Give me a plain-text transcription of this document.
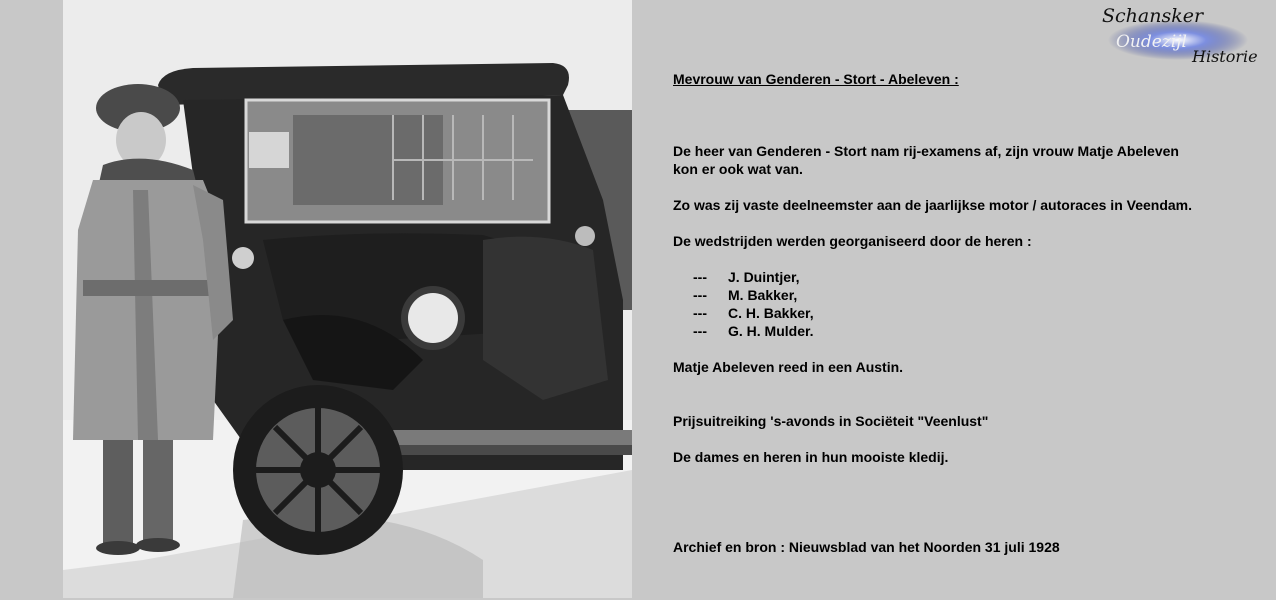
Schansker
Oudezijl
Historie

Mevrouw van Genderen - Stort - Abeleven :

De heer van Genderen - Stort nam rij-examens af, zijn vrouw Matje Abeleven

kon er ook wat van.

Zo was zij vaste deelneemster aan de jaarlijkse motor / autoraces in Veendam.

De wedstrijden werden georganiseerd door de heren :

---	J. Duintjer,
---	M. Bakker,
---	C. H. Bakker,
---	G. H. Mulder.

Matje Abeleven reed in een Austin.

Prijsuitreiking 's-avonds in Sociëteit "Veenlust"

De dames en heren in hun mooiste kledij.

Archief en bron : Nieuwsblad van het Noorden 31 juli 1928
